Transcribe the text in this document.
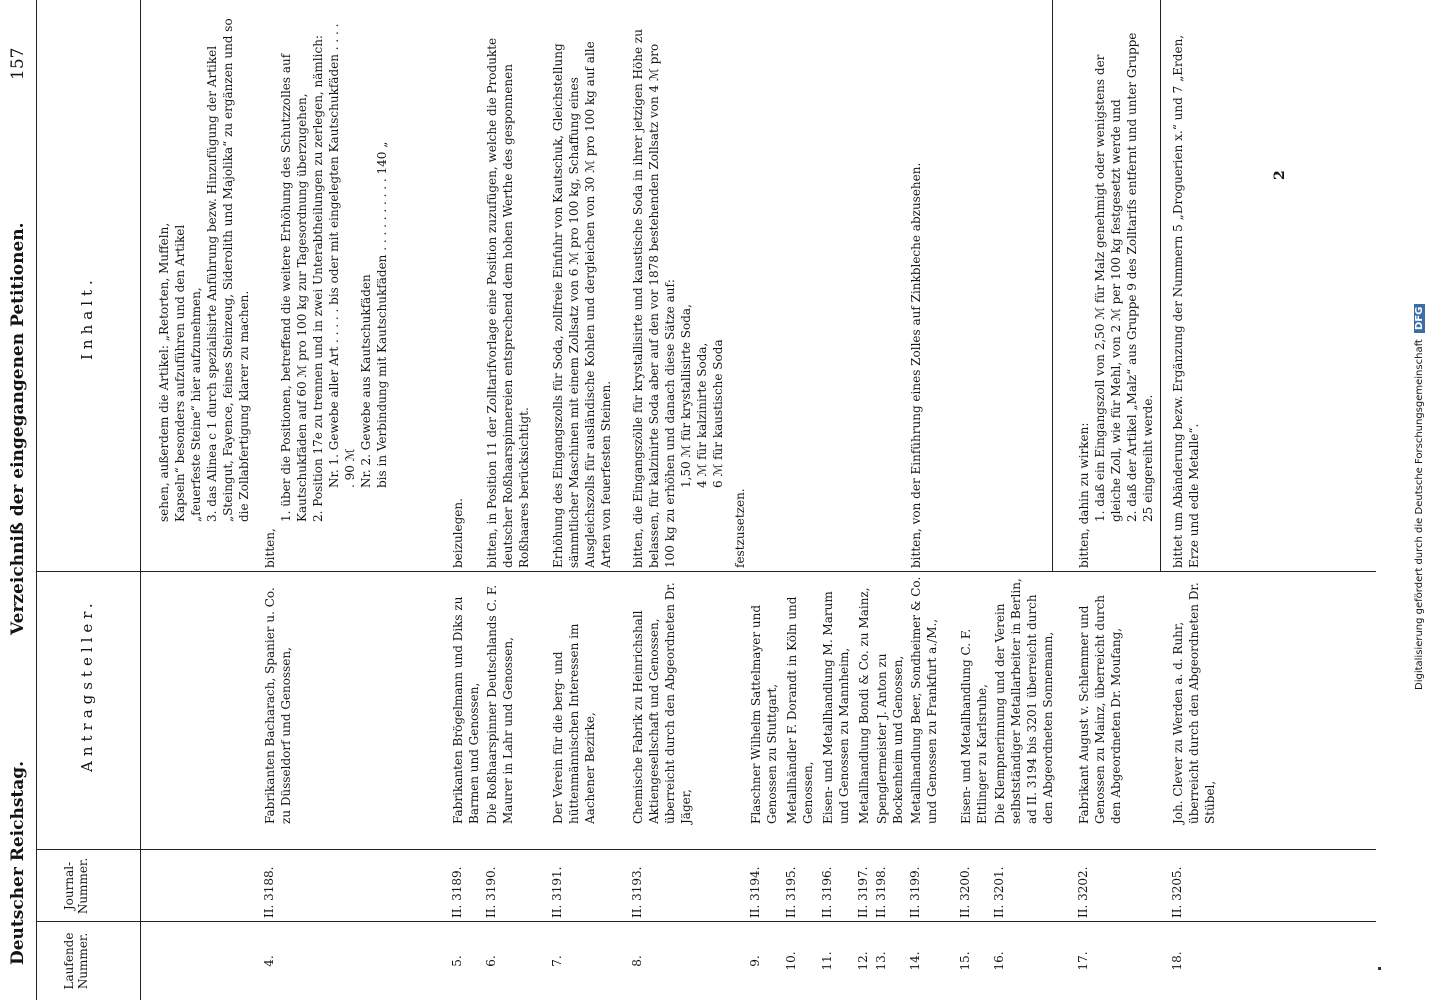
Deutscher Reichstag.
Verzeichniß der eingegangenen Petitionen.
157
Laufende Nummer.
Journal-Nummer.
Antragsteller.
Inhalt.	sehen, außerdem die Artikel: „Retorten, Muffeln, Kapseln“ besonders aufzuführen und den Artikel „feuerfeste Steine“ hier aufzunehmen, 3. das Alinea c 1 durch spezialisirte Anführung bezw. Hinzufügung der Artikel „Steingut, Fayence, feines Steinzeug, Siderolith und Majolika“ zu ergänzen und so die Zollabfertigung klarer zu machen.
4.
II. 3188.
Fabrikanten Bacharach, Spanier u. Co. zu Düsseldorf und Genossen,
bitten,
1. über die Positionen, betreffend die weitere Erhöhung des Schutzzolles auf Kautschukfäden auf 60 ℳ pro 100 kg zur Tagesordnung überzugehen, 2. Position 17e zu trennen und in zwei Unterabtheilungen zu zerlegen, nämlich: Nr. 1. Gewebe aller Art . . . . . bis oder mit eingelegten Kautschukfäden . . . . . 90 ℳ Nr. 2. Gewebe aus Kautschukfäden bis in Verbindung mit Kautschukfäden . . . . . . . . . . 140 „
5.
II. 3189.
Fabrikanten Brögelmann und Diks zu Barmen und Genossen,
beizulegen.
6.
II. 3190.
Die Roßhaarspinner Deutschlands C. F. Maurer in Lahr und Genossen,
bitten, in Position 11 der Zolltarifvorlage eine Position zuzufügen, welche die Produkte deutscher Roßhaarspinnereien entsprechend dem hohen Werthe des gesponnenen Roßhaares berücksichtigt.
7.
II. 3191.
Der Verein für die berg- und hüttenmännischen Interessen im Aachener Bezirke,
Erhöhung des Eingangszolls für Soda, zollfreie Einfuhr von Kautschuk, Gleichstellung sämmtlicher Maschinen mit einem Zollsatz von 6 ℳ pro 100 kg, Schaffung eines Ausgleichszolls für ausländische Kohlen und dergleichen von 30 ℳ pro 100 kg auf alle Arten von feuerfesten Steinen.
8.
II. 3193.
Chemische Fabrik zu Heinrichshall Aktiengesellschaft und Genossen, überreicht durch den Abgeordneten Dr. Jäger,
bitten, die Eingangszölle für krystallisirte und kaustische Soda in ihrer jetzigen Höhe zu belassen, für kalzinirte Soda aber auf den vor 1878 bestehenden Zollsatz von 4 ℳ pro 100 kg zu erhöhen und danach diese Sätze auf: 1,50 ℳ für krystallisirte Soda, 4 ℳ für kalzinirte Soda, 6 ℳ für kaustische Soda
festzusetzen.
9.
II. 3194.
Flaschner Wilhelm Sattelmayer und Genossen zu Stuttgart,
10.
II. 3195.
Metallhändler F. Dorandt in Köln und Genossen,
11.
II. 3196.
Eisen- und Metallhandlung M. Marum und Genossen zu Mannheim,
12.
II. 3197.
Metallhandlung Bondi & Co. zu Mainz,
13.
II. 3198.
Spenglermeister J. Anton zu Bockenheim und Genossen,
14.
II. 3199.
Metallhandlung Beer, Sondheimer & Co. und Genossen zu Frankfurt a./M.,
bitten, von der Einführung eines Zolles auf Zinkbleche abzusehen.
15.
II. 3200.
Eisen- und Metallhandlung C. F. Ettlinger zu Karlsruhe,
16.
II. 3201.
Die Klempnerinnung und der Verein selbstständiger Metallarbeiter in Berlin, ad II. 3194 bis 3201 überreicht durch den Abgeordneten Sonnemann,
17.
II. 3202.
Fabrikant August v. Schlemmer und Genossen zu Mainz, überreicht durch den Abgeordneten Dr. Moufang,
bitten, dahin zu wirken: 1. daß ein Eingangszoll von 2,50 ℳ für Malz genehmigt oder wenigstens der gleiche Zoll, wie für Mehl, von 2 ℳ per 100 kg festgesetzt werde und 2. daß der Artikel „Malz“ aus Gruppe 9 des Zolltarifs entfernt und unter Gruppe 25 eingereiht werde.
18.
II. 3205.
Joh. Clever zu Werden a. d. Ruhr, überreicht durch den Abgeordneten Dr. Stübel,
bittet um Abänderung bezw. Ergänzung der Nummern 5 „Droguerien x.“ und 7 „Erden, Erze und edle Metalle“.
2
Digitalisierung gefördert durch die Deutsche Forschungsgemeinschaft DFG
